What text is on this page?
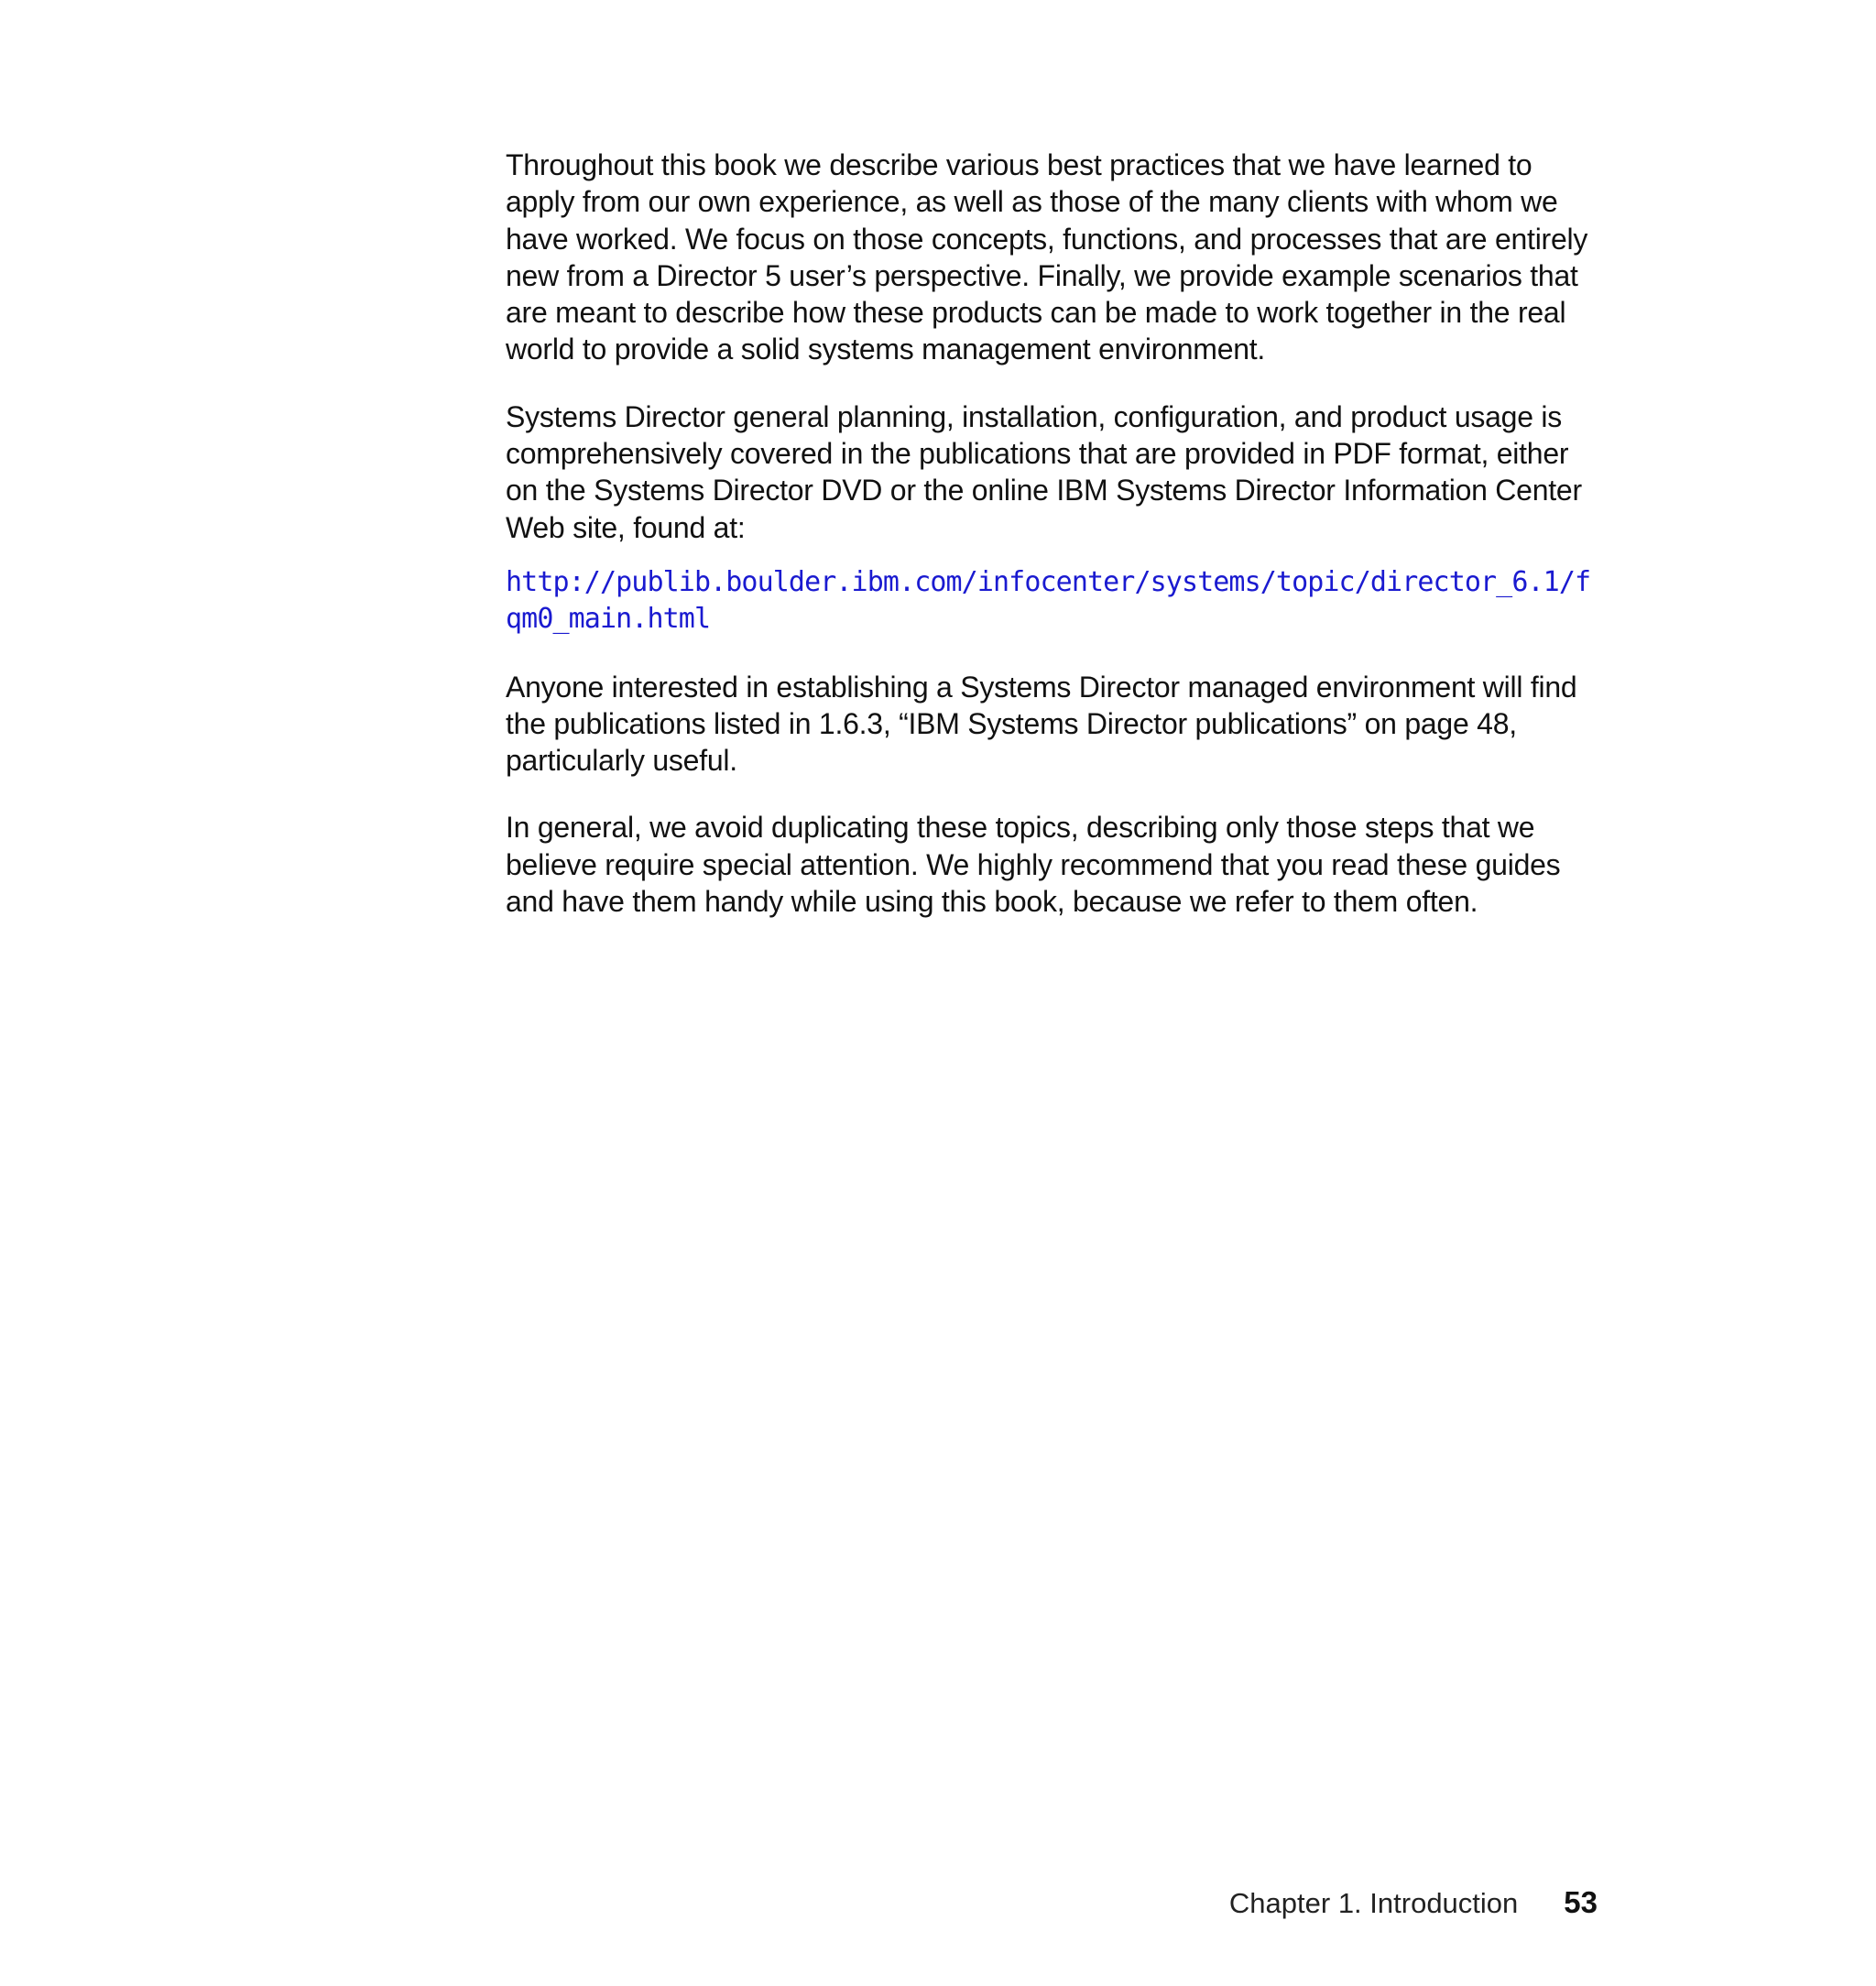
Throughout this book we describe various best practices that we have learned to apply from our own experience, as well as those of the many clients with whom we have worked. We focus on those concepts, functions, and processes that are entirely new from a Director 5 user’s perspective. Finally, we provide example scenarios that are meant to describe how these products can be made to work together in the real world to provide a solid systems management environment.

Systems Director general planning, installation, configuration, and product usage is comprehensively covered in the publications that are provided in PDF format, either on the Systems Director DVD or the online IBM Systems Director Information Center Web site, found at:

http://publib.boulder.ibm.com/infocenter/systems/topic/director_6.1/fqm0_main.html

Anyone interested in establishing a Systems Director managed environment will find the publications listed in 1.6.3, “IBM Systems Director publications” on page 48, particularly useful.

In general, we avoid duplicating these topics, describing only those steps that we believe require special attention. We highly recommend that you read these guides and have them handy while using this book, because we refer to them often.

Chapter 1. Introduction 53
